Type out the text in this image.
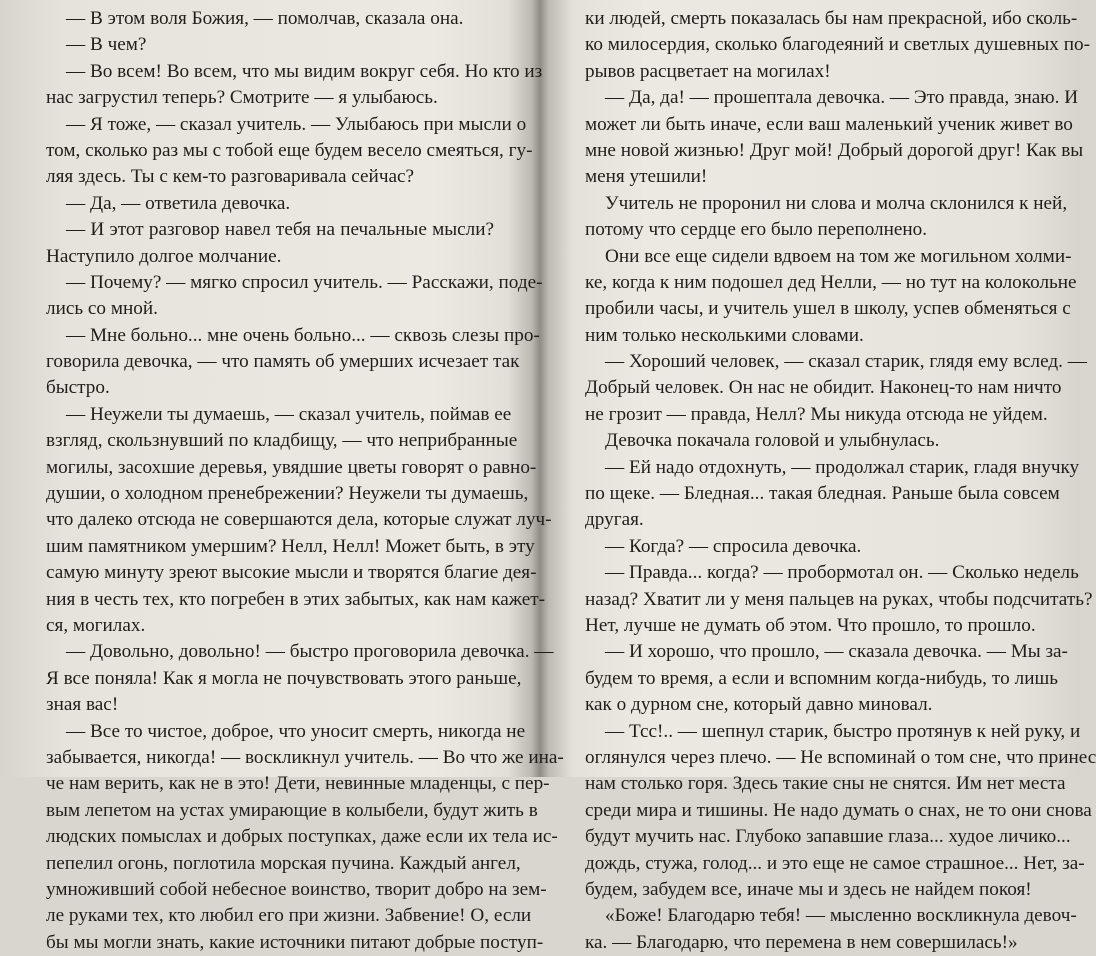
— В этом воля Божия, — помолчав, сказала она.
— В чем?
— Во всем! Во всем, что мы видим вокруг себя. Но кто из
нас загрустил теперь? Смотрите — я улыбаюсь.
— Я тоже, — сказал учитель. — Улыбаюсь при мысли о
том, сколько раз мы с тобой еще будем весело смеяться, гу-
ляя здесь. Ты с кем-то разговаривала сейчас?
— Да, — ответила девочка.
— И этот разговор навел тебя на печальные мысли?
Наступило долгое молчание.
— Почему? — мягко спросил учитель. — Расскажи, поде-
лись со мной.
— Мне больно... мне очень больно... — сквозь слезы про-
говорила девочка, — что память об умерших исчезает так
быстро.
— Неужели ты думаешь, — сказал учитель, поймав ее
взгляд, скользнувший по кладбищу, — что неприбранные
могилы, засохшие деревья, увядшие цветы говорят о равно-
душии, о холодном пренебрежении? Неужели ты думаешь,
что далеко отсюда не совершаются дела, которые служат луч-
шим памятником умершим? Нелл, Нелл! Может быть, в эту
самую минуту зреют высокие мысли и творятся благие дея-
ния в честь тех, кто погребен в этих забытых, как нам кажет-
ся, могилах.
— Довольно, довольно! — быстро проговорила девочка. —
Я все поняла! Как я могла не почувствовать этого раньше,
зная вас!
— Все то чистое, доброе, что уносит смерть, никогда не
забывается, никогда! — воскликнул учитель. — Во что же ина-
че нам верить, как не в это! Дети, невинные младенцы, с пер-
вым лепетом на устах умирающие в колыбели, будут жить в
людских помыслах и добрых поступках, даже если их тела ис-
пепелил огонь, поглотила морская пучина. Каждый ангел,
умноживший собой небесное воинство, творит добро на зем-
ле руками тех, кто любил его при жизни. Забвение! О, если
бы мы могли знать, какие источники питают добрые поступ-
ки людей, смерть показалась бы нам прекрасной, ибо сколь-
ко милосердия, сколько благодеяний и светлых душевных по-
рывов расцветает на могилах!
— Да, да! — прошептала девочка. — Это правда, знаю. И
может ли быть иначе, если ваш маленький ученик живет во
мне новой жизнью! Друг мой! Добрый дорогой друг! Как вы
меня утешили!
Учитель не проронил ни слова и молча склонился к ней,
потому что сердце его было переполнено.
Они все еще сидели вдвоем на том же могильном холми-
ке, когда к ним подошел дед Нелли, — но тут на колокольне
пробили часы, и учитель ушел в школу, успев обменяться с
ним только несколькими словами.
— Хороший человек, — сказал старик, глядя ему вслед. —
Добрый человек. Он нас не обидит. Наконец-то нам ничто
не грозит — правда, Нелл? Мы никуда отсюда не уйдем.
Девочка покачала головой и улыбнулась.
— Ей надо отдохнуть, — продолжал старик, гладя внучку
по щеке. — Бледная... такая бледная. Раньше была совсем
другая.
— Когда? — спросила девочка.
— Правда... когда? — пробормотал он. — Сколько недель
назад? Хватит ли у меня пальцев на руках, чтобы подсчитать?
Нет, лучше не думать об этом. Что прошло, то прошло.
— И хорошо, что прошло, — сказала девочка. — Мы за-
будем то время, а если и вспомним когда-нибудь, то лишь
как о дурном сне, который давно миновал.
— Тсс!.. — шепнул старик, быстро протянув к ней руку, и
оглянулся через плечо. — Не вспоминай о том сне, что принес
нам столько горя. Здесь такие сны не снятся. Им нет места
среди мира и тишины. Не надо думать о снах, не то они снова
будут мучить нас. Глубоко запавшие глаза... худое личико...
дождь, стужа, голод... и это еще не самое страшное... Нет, за-
будем, забудем все, иначе мы и здесь не найдем покоя!
«Боже! Благодарю тебя! — мысленно воскликнула девоч-
ка. — Благодарю, что перемена в нем совершилась!»
